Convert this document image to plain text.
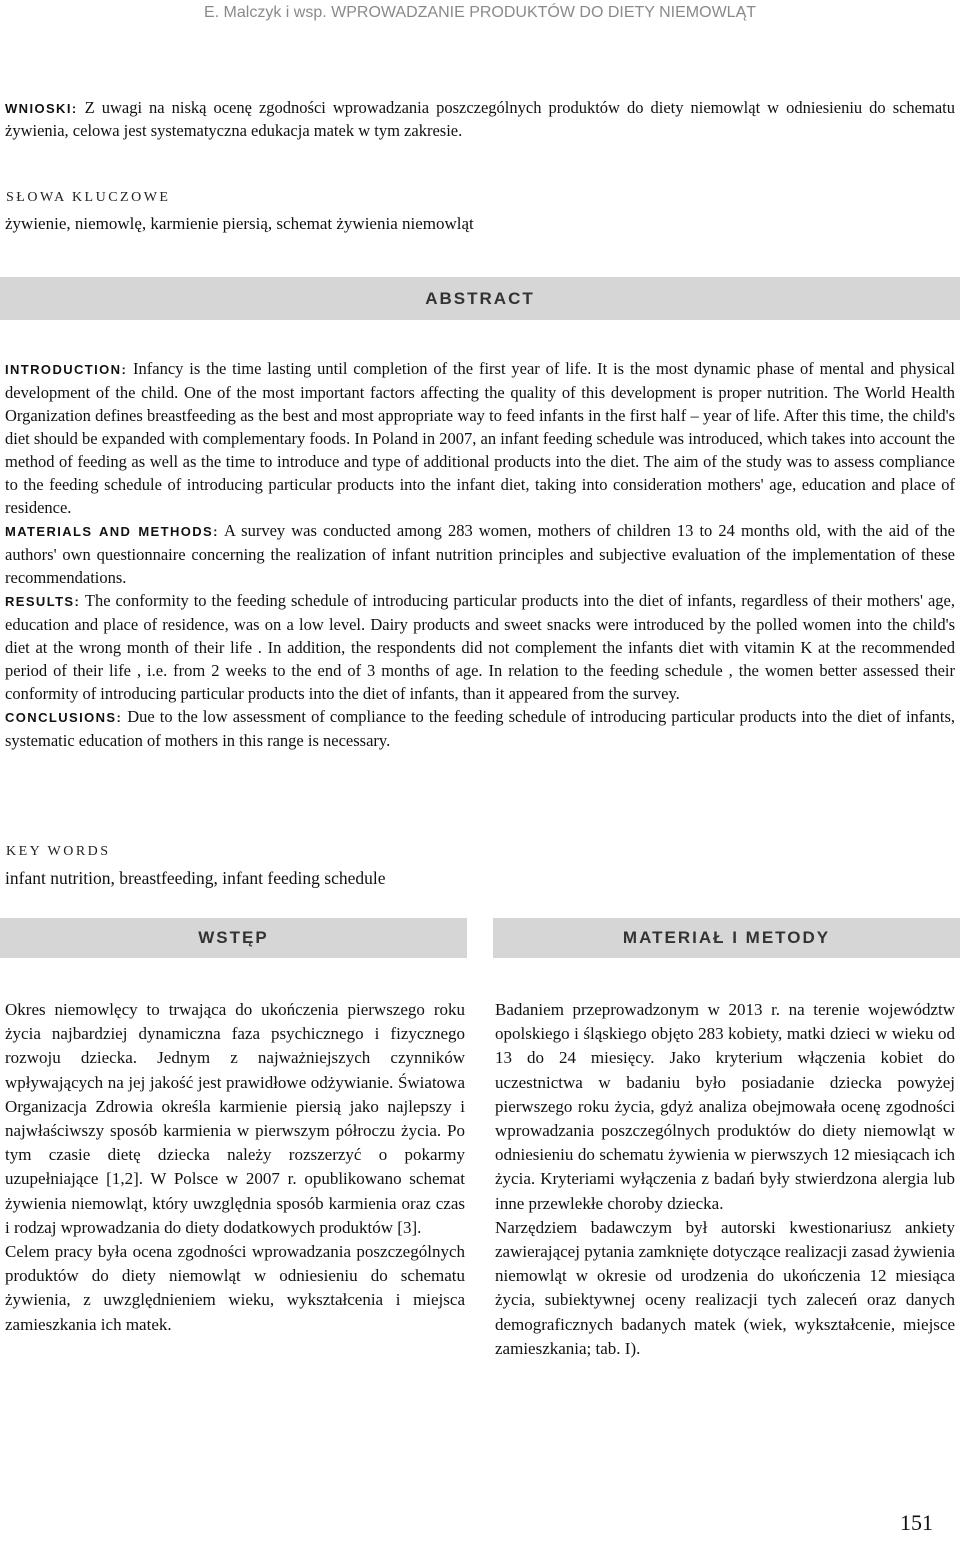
E. Malczyk i wsp. WPROWADZANIE PRODUKTÓW DO DIETY NIEMOWLĄT
WNIOSKI: Z uwagi na niską ocenę zgodności wprowadzania poszczególnych produktów do diety niemowląt w odniesieniu do schematu żywienia, celowa jest systematyczna edukacja matek w tym zakresie.
SŁOWA KLUCZOWE
żywienie, niemowlę, karmienie piersią, schemat żywienia niemowląt
ABSTRACT

INTRODUCTION: Infancy is the time lasting until completion of the first year of life. It is the most dynamic phase of mental and physical development of the child. One of the most important factors affecting the quality of this development is proper nutrition. The World Health Organization defines breastfeeding as the best and most appropriate way to feed infants in the first half – year of life. After this time, the child's diet should be expanded with complementary foods. In Poland in 2007, an infant feeding schedule was introduced, which takes into account the method of feeding as well as the time to introduce and type of additional products into the diet. The aim of the study was to assess compliance to the feeding schedule of introducing particular products into the infant diet, taking into consideration mothers' age, education and place of residence.

MATERIALS AND METHODS: A survey was conducted among 283 women, mothers of children 13 to 24 months old, with the aid of the authors' own questionnaire concerning the realization of infant nutrition principles and subjective evaluation of the implementation of these recommendations.

RESULTS: The conformity to the feeding schedule of introducing particular products into the diet of infants, regardless of their mothers' age, education and place of residence, was on a low level. Dairy products and sweet snacks were introduced by the polled women into the child's diet at the wrong month of their life . In addition, the respondents did not complement the infants diet with vitamin K at the recommended period of their life , i.e. from 2 weeks to the end of 3 months of age. In relation to the feeding schedule , the women better assessed their conformity of introducing particular products into the diet of infants, than it appeared from the survey.

CONCLUSIONS: Due to the low assessment of compliance to the feeding schedule of introducing particular products into the diet of infants, systematic education of mothers in this range is necessary.

KEY WORDS
infant nutrition, breastfeeding, infant feeding schedule
WSTĘP	MATERIAŁ I METODY

Okres niemowlęcy to trwająca do ukończenia pierwszego roku życia najbardziej dynamiczna faza psychicznego i fizycznego rozwoju dziecka. Jednym z najważniejszych czynników wpływających na jej jakość jest prawidłowe odżywianie. Światowa Organizacja Zdrowia określa karmienie piersią jako najlepszy i najwłaściwszy sposób karmienia w pierwszym półroczu życia. Po tym czasie dietę dziecka należy rozszerzyć o pokarmy uzupełniające [1,2]. W Polsce w 2007 r. opublikowano schemat żywienia niemowląt, który uwzględnia sposób karmienia oraz czas i rodzaj wprowadzania do diety dodatkowych produktów [3].

Celem pracy była ocena zgodności wprowadzania poszczególnych produktów do diety niemowląt w odniesieniu do schematu żywienia, z uwzględnieniem wieku, wykształcenia i miejsca zamieszkania ich matek.

Badaniem przeprowadzonym w 2013 r. na terenie województw opolskiego i śląskiego objęto 283 kobiety, matki dzieci w wieku od 13 do 24 miesięcy. Jako kryterium włączenia kobiet do uczestnictwa w badaniu było posiadanie dziecka powyżej pierwszego roku życia, gdyż analiza obejmowała ocenę zgodności wprowadzania poszczególnych produktów do diety niemowląt w odniesieniu do schematu żywienia w pierwszych 12 miesiącach ich życia. Kryteriami wyłączenia z badań były stwierdzona alergia lub inne przewlekłe choroby dziecka.

Narzędziem badawczym był autorski kwestionariusz ankiety zawierającej pytania zamknięte dotyczące realizacji zasad żywienia niemowląt w okresie od urodzenia do ukończenia 12 miesiąca życia, subiektywnej oceny realizacji tych zaleceń oraz danych demograficznych badanych matek (wiek, wykształcenie, miejsce zamieszkania; tab. I).

151
